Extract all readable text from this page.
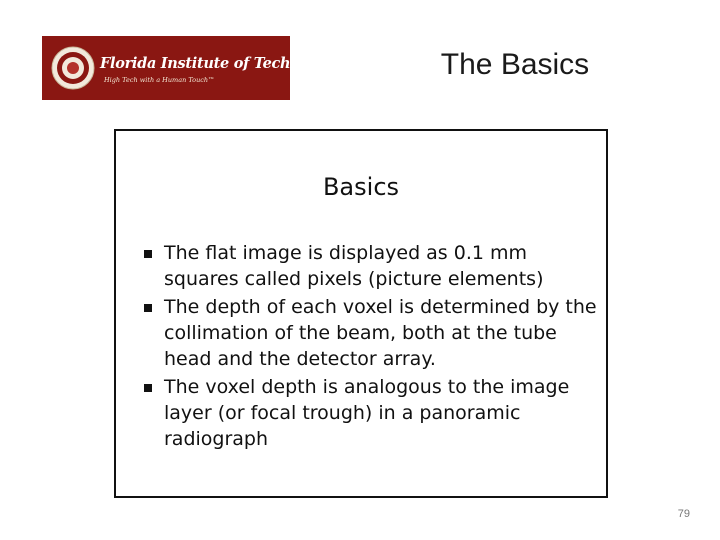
Florida Institute of Technology
High Tech with a Human Touch™	The Basics
Basics
The flat image is displayed as 0.1 mm squares called pixels (picture elements)
The depth of each voxel is determined by the collimation of the beam, both at the tube head and the detector array.
The voxel depth is analogous to the image layer (or focal trough) in a panoramic radiograph
79
